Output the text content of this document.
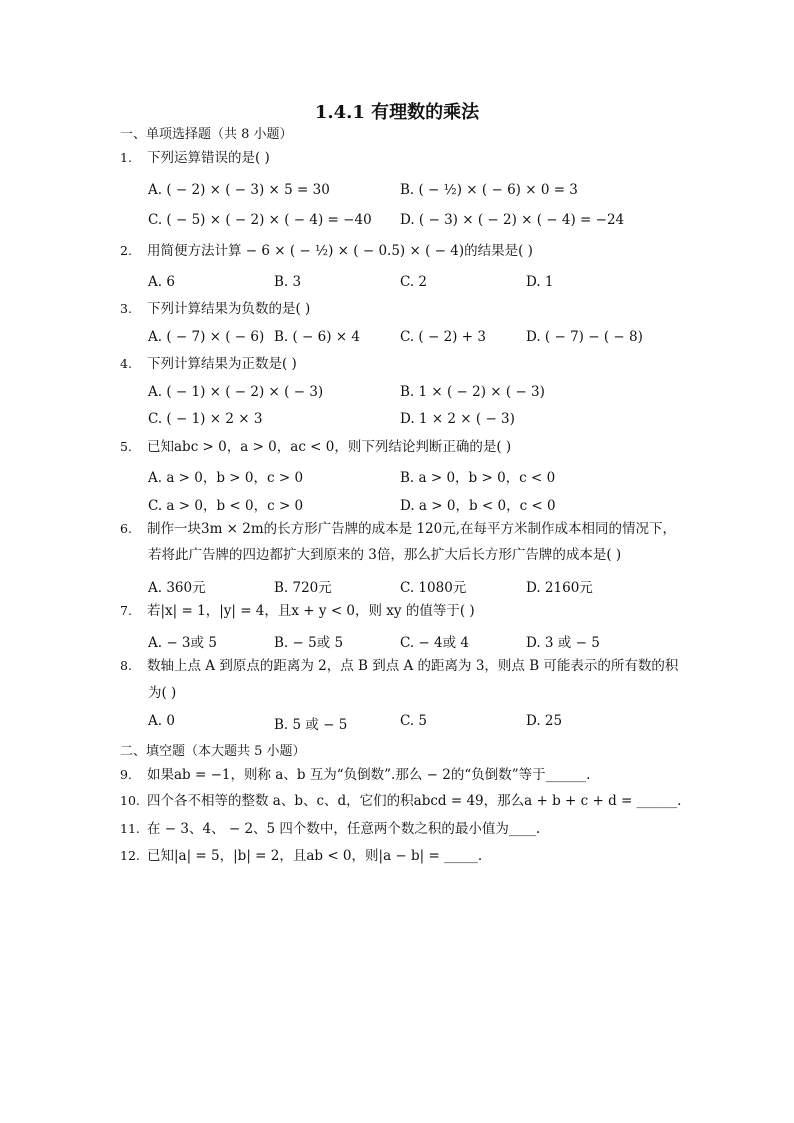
1.4.1 有理数的乘法
一、单项选择题（共 8 小题）
1. 下列运算错误的是( )
A. ( − 2) × ( − 3) × 5 = 30	B. ( − ½) × ( − 6) × 0 = 3
C. ( − 5) × ( − 2) × ( − 4) = −40 D. ( − 3) × ( − 2) × ( − 4) = −24
2. 用简便方法计算 − 6 × ( − ½) × ( − 0.5) × ( − 4)的结果是( )
A. 6	B. 3	C. 2	D. 1
3. 下列计算结果为负数的是( )
A. ( − 7) × ( − 6) B. ( − 6) × 4	C. ( − 2) + 3	D. ( − 7) − ( − 8)
4. 下列计算结果为正数是( )
A. ( − 1) × ( − 2) × ( − 3)	B. 1 × ( − 2) × ( − 3)
C. ( − 1) × 2 × 3	D. 1 × 2 × ( − 3)
5. 已知abc > 0，a > 0，ac < 0，则下列结论判断正确的是( )
A. a > 0，b > 0，c > 0	B. a > 0，b > 0，c < 0
C. a > 0，b < 0，c > 0	D. a > 0，b < 0，c < 0
6. 制作一块3m × 2m的长方形广告牌的成本是 120元,在每平方米制作成本相同的情况下，
若将此广告牌的四边都扩大到原来的 3倍，那么扩大后长方形广告牌的成本是( )
A. 360元	B. 720元	C. 1080元	D. 2160元
7. 若|x| = 1，|y| = 4，且x + y < 0，则 xy 的值等于( )
A. − 3或 5	B. − 5或 5	C. − 4或 4	D. 3 或 − 5
8. 数轴上点 A 到原点的距离为 2，点 B 到点 A 的距离为 3，则点 B 可能表示的所有数的积
为( )
A. 0	B. 5 或 − 5	C. 5	D. 25
二、填空题（本大题共 5 小题）
9. 如果ab = −1，则称 a、b 互为“负倒数”.那么 − 2的“负倒数”等于______.
10. 四个各不相等的整数 a、b、c、d，它们的积abcd = 49，那么a + b + c + d = ______.
11. 在 − 3、4、 − 2、5 四个数中，任意两个数之积的最小值为____.
12. 已知|a| = 5，|b| = 2，且ab < 0，则|a − b| = _____.
